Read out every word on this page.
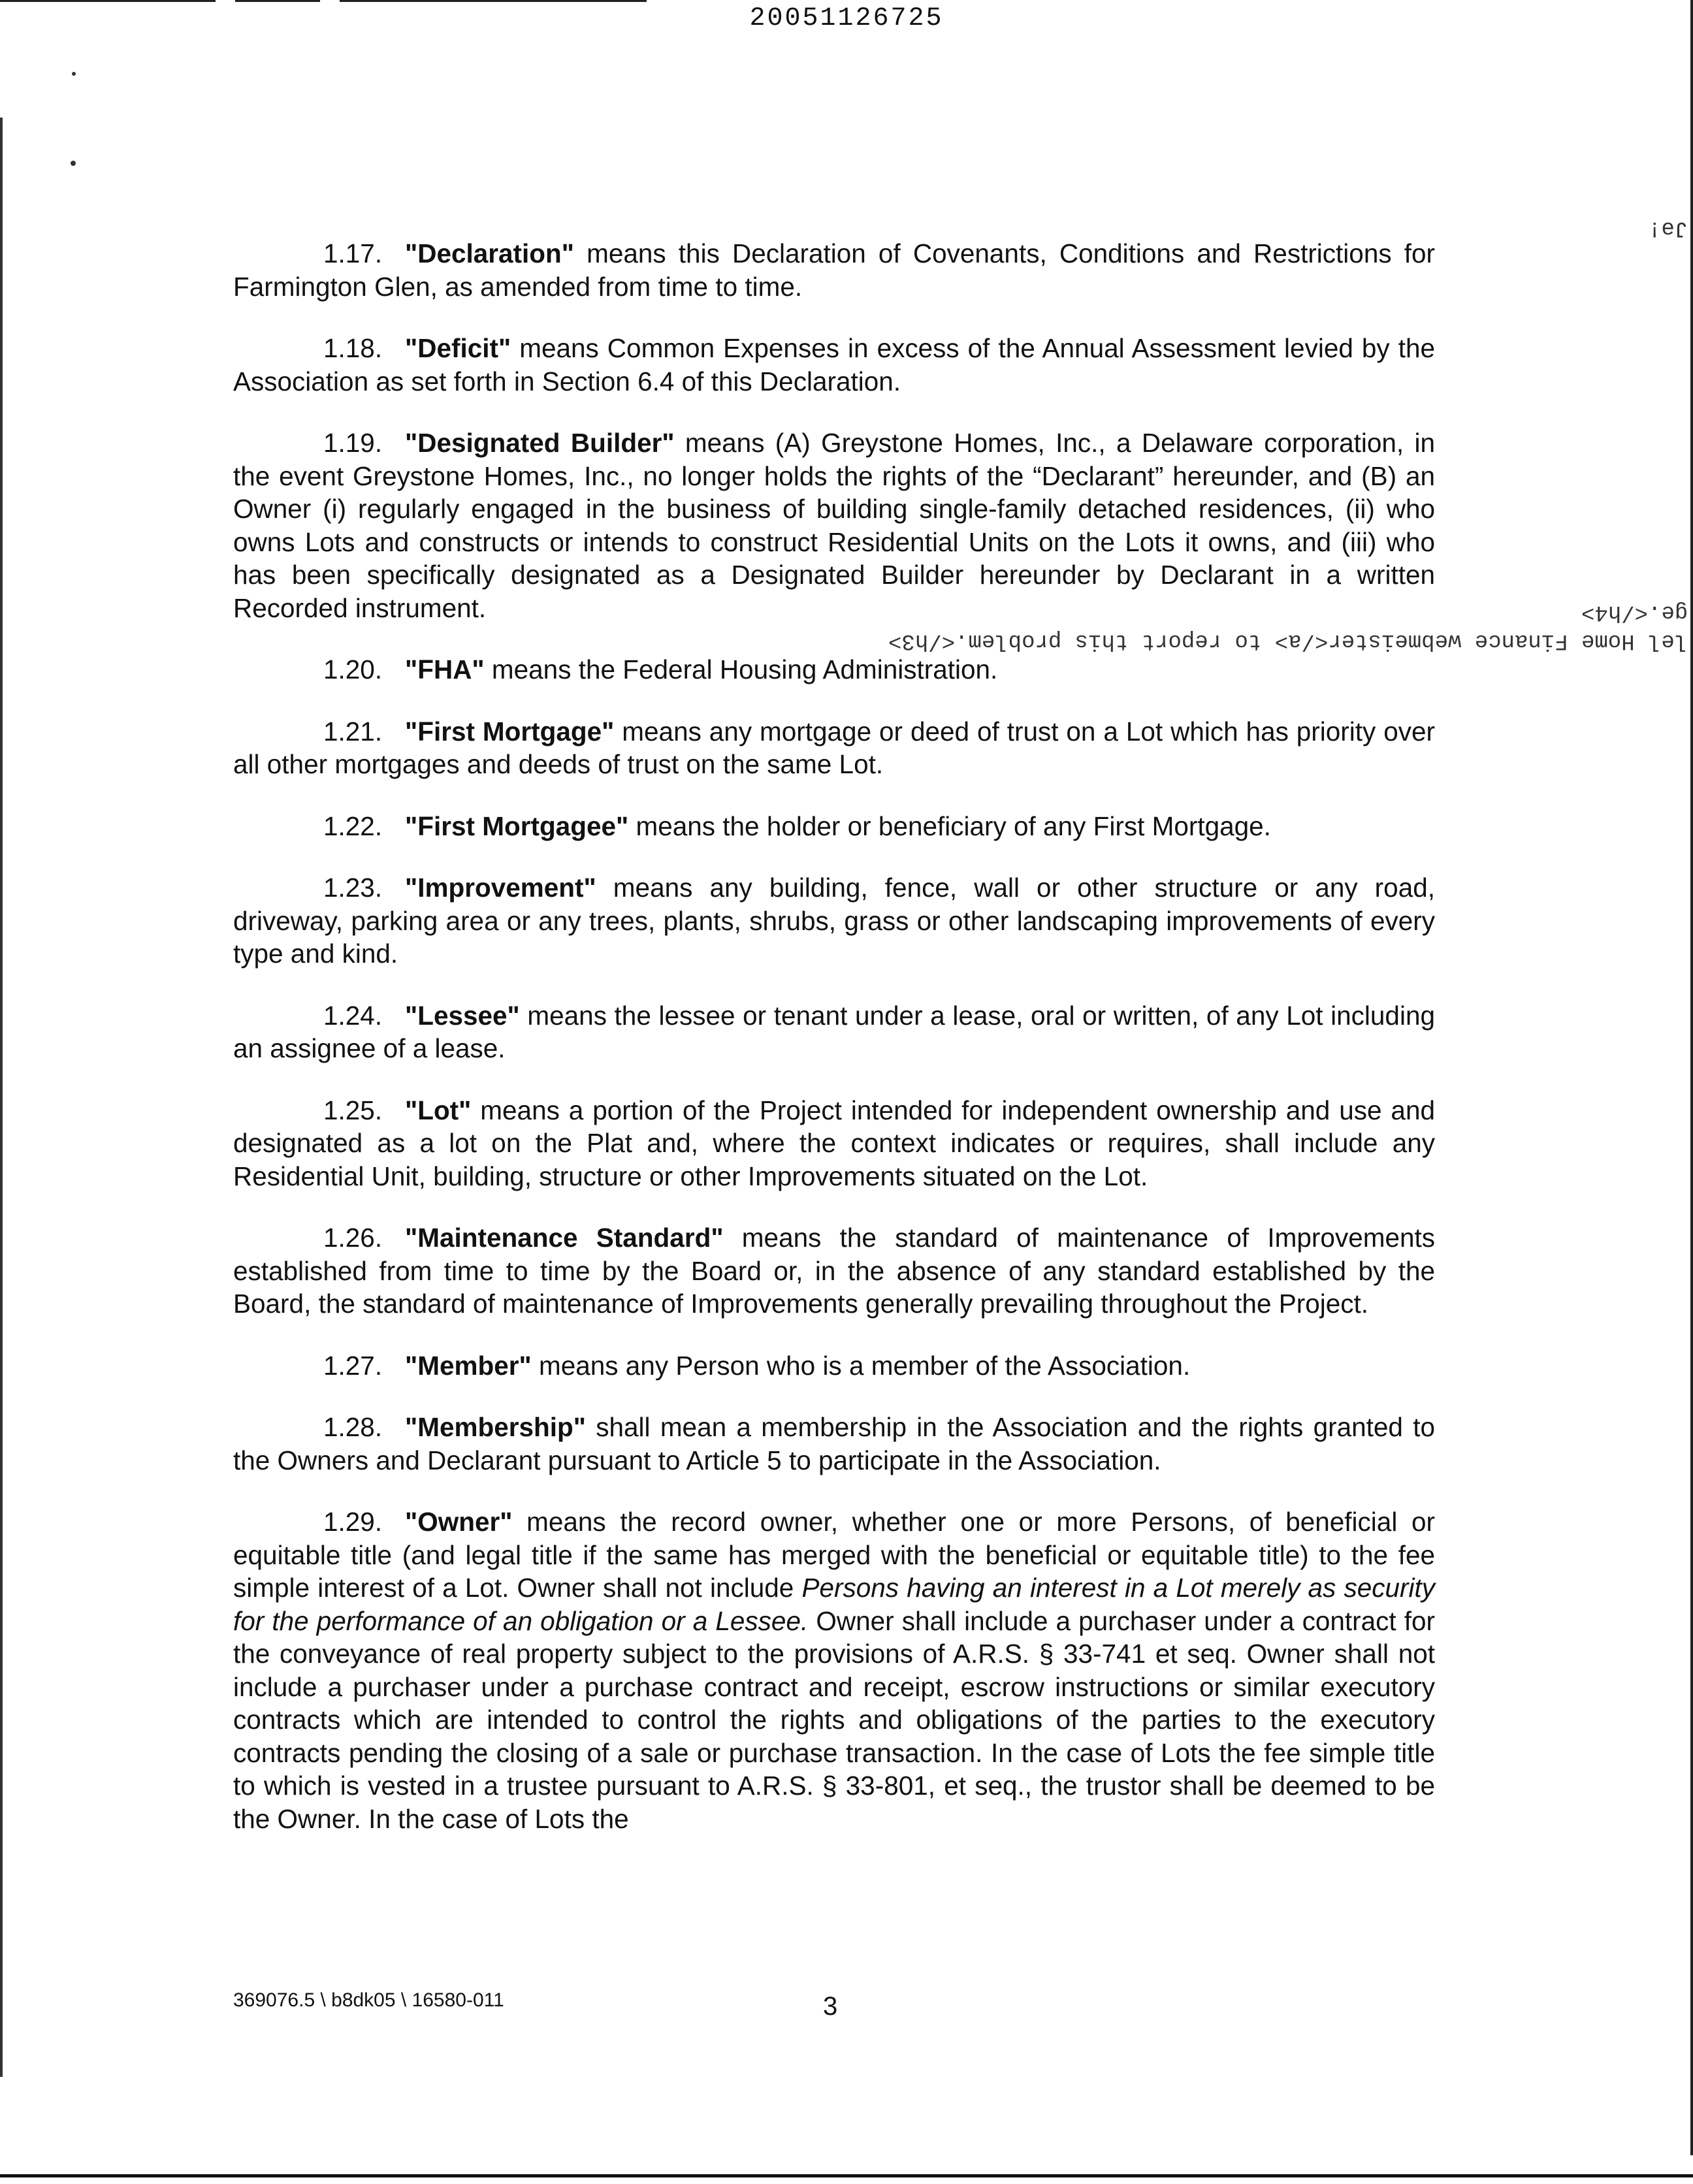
20051126725
Jə!
ge.</h4>
lel Home Finance webmeister</a> to report this problem.</h3>

1.17. "Declaration" means this Declaration of Covenants, Conditions and Restrictions for Farmington Glen, as amended from time to time.

1.18. "Deficit" means Common Expenses in excess of the Annual Assessment levied by the Association as set forth in Section 6.4 of this Declaration.

1.19. "Designated Builder" means (A) Greystone Homes, Inc., a Delaware corporation, in the event Greystone Homes, Inc., no longer holds the rights of the “Declarant” hereunder, and (B) an Owner (i) regularly engaged in the business of building single-family detached residences, (ii) who owns Lots and constructs or intends to construct Residential Units on the Lots it owns, and (iii) who has been specifically designated as a Designated Builder hereunder by Declarant in a written Recorded instrument.

1.20. "FHA" means the Federal Housing Administration.

1.21. "First Mortgage" means any mortgage or deed of trust on a Lot which has priority over all other mortgages and deeds of trust on the same Lot.

1.22. "First Mortgagee" means the holder or beneficiary of any First Mortgage.

1.23. "Improvement" means any building, fence, wall or other structure or any road, driveway, parking area or any trees, plants, shrubs, grass or other landscaping improvements of every type and kind.

1.24. "Lessee" means the lessee or tenant under a lease, oral or written, of any Lot including an assignee of a lease.

1.25. "Lot" means a portion of the Project intended for independent ownership and use and designated as a lot on the Plat and, where the context indicates or requires, shall include any Residential Unit, building, structure or other Improvements situated on the Lot.

1.26. "Maintenance Standard" means the standard of maintenance of Improvements established from time to time by the Board or, in the absence of any standard established by the Board, the standard of maintenance of Improvements generally prevailing throughout the Project.

1.27. "Member" means any Person who is a member of the Association.

1.28. "Membership" shall mean a membership in the Association and the rights granted to the Owners and Declarant pursuant to Article 5 to participate in the Association.

1.29. "Owner" means the record owner, whether one or more Persons, of beneficial or equitable title (and legal title if the same has merged with the beneficial or equitable title) to the fee simple interest of a Lot. Owner shall not include Persons having an interest in a Lot merely as security for the performance of an obligation or a Lessee. Owner shall include a purchaser under a contract for the conveyance of real property subject to the provisions of A.R.S. § 33-741 et seq. Owner shall not include a purchaser under a purchase contract and receipt, escrow instructions or similar executory contracts which are intended to control the rights and obligations of the parties to the executory contracts pending the closing of a sale or purchase transaction. In the case of Lots the fee simple title to which is vested in a trustee pursuant to A.R.S. § 33-801, et seq., the trustor shall be deemed to be the Owner. In the case of Lots the

369076.5 \ b8dk05 \ 16580-011	3
